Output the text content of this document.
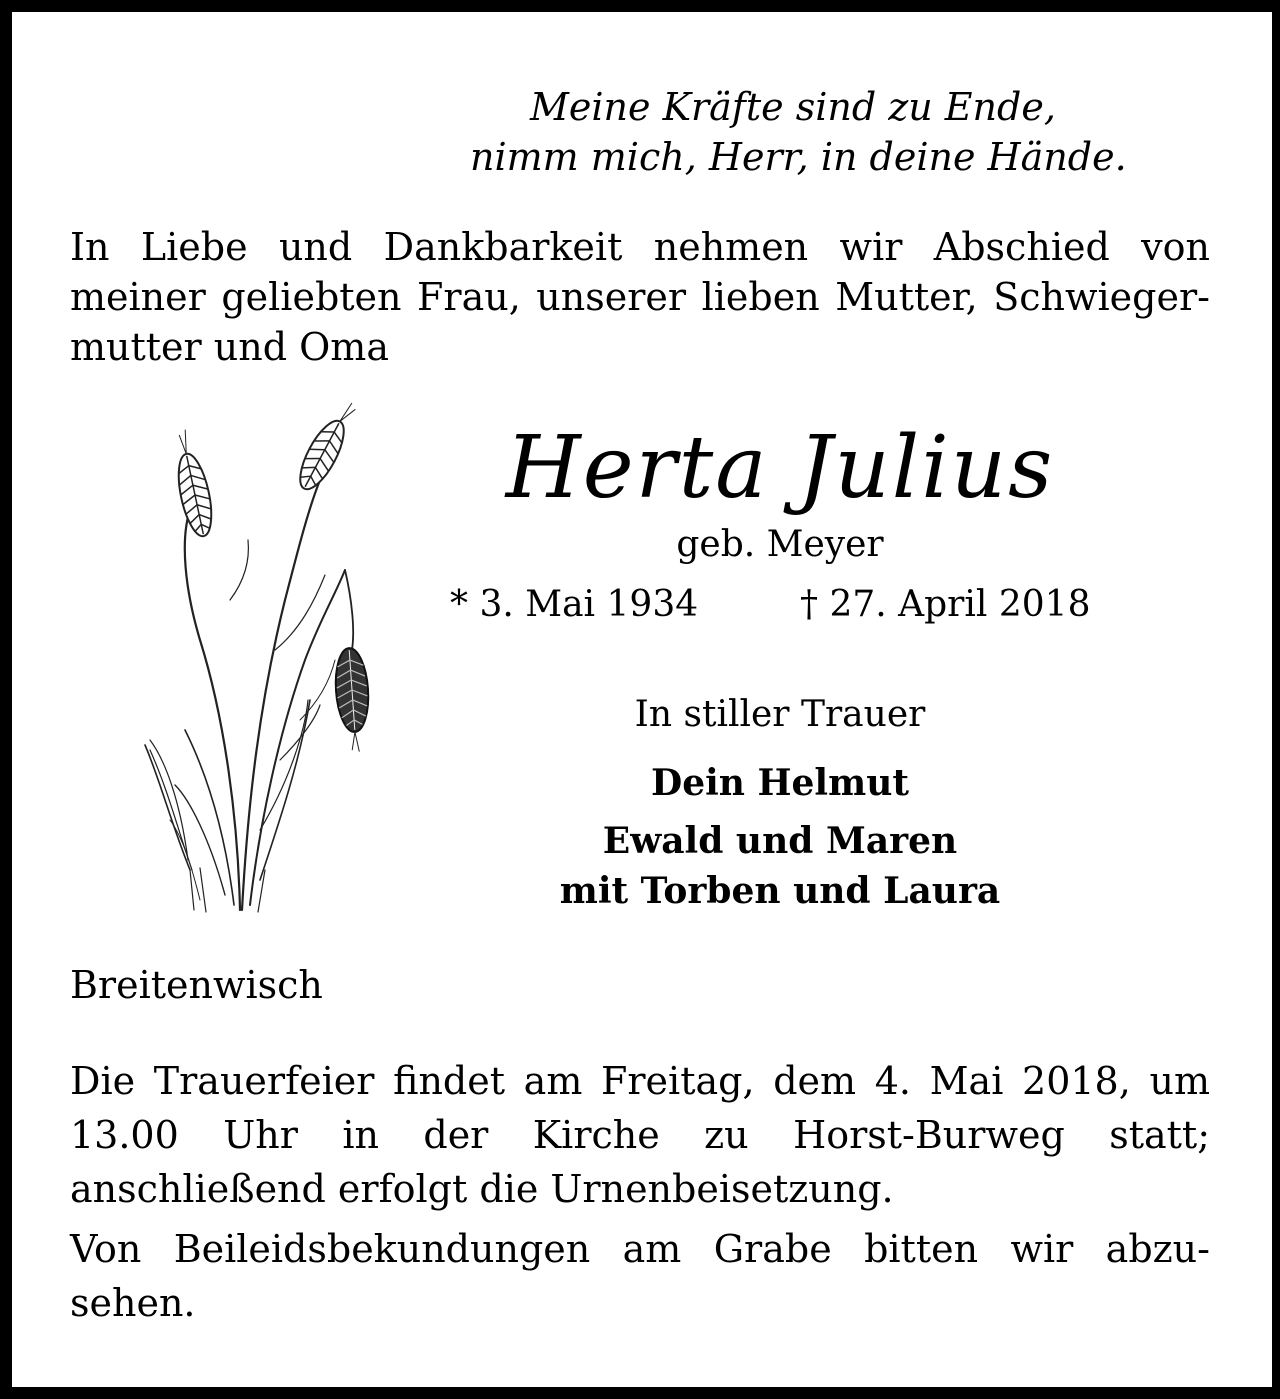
Meine Kräfte sind zu Ende,
nimm mich, Herr, in deine Hände.
In Liebe und Dankbarkeit nehmen wir Abschied von
meiner geliebten Frau, unserer lieben Mutter, Schwieger-
mutter und Oma
Herta Julius
geb. Meyer
* 3. Mai 1934	† 27. April 2018
In stiller Trauer
Dein Helmut
Ewald und Maren
mit Torben und Laura
Breitenwisch
Die Trauerfeier findet am Freitag, dem 4. Mai 2018, um
13.00 Uhr in der Kirche zu Horst-Burweg statt;
anschließend erfolgt die Urnenbeisetzung.
Von Beileidsbekundungen am Grabe bitten wir abzu-
sehen.
